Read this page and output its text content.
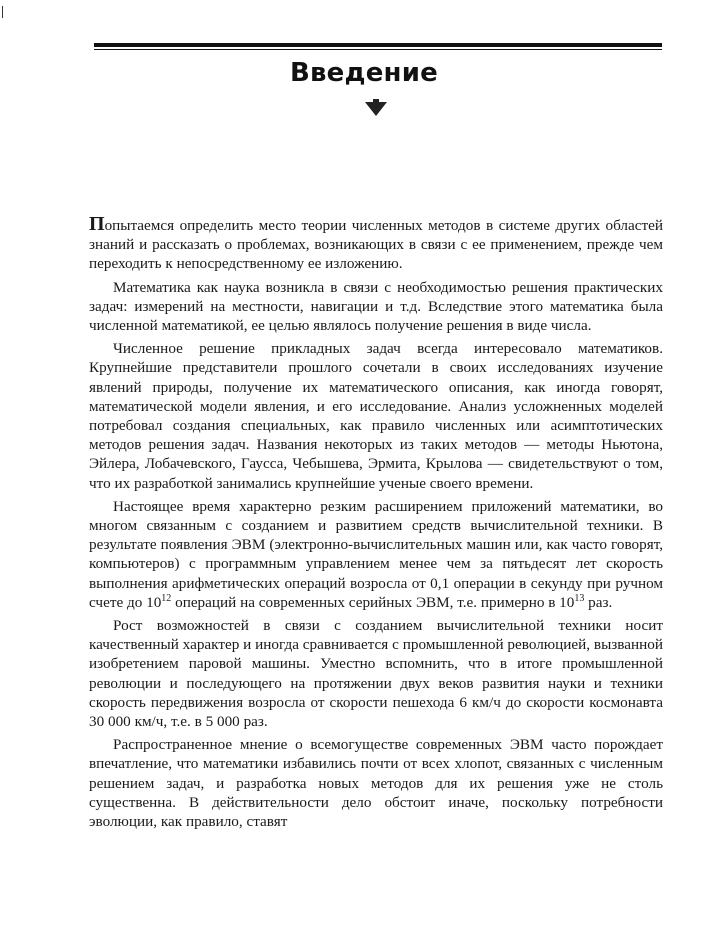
Введение

Попытаемся определить место теории численных методов в системе других областей знаний и рассказать о проблемах, возникающих в связи с ее применением, прежде чем переходить к непосредственному ее изложению.

Математика как наука возникла в связи с необходимостью решения практических задач: измерений на местности, навигации и т.д. Вследствие этого математика была численной математикой, ее целью являлось получение решения в виде числа.

Численное решение прикладных задач всегда интересовало математиков. Крупнейшие представители прошлого сочетали в своих исследованиях изучение явлений природы, получение их математического описания, как иногда говорят, математической модели явления, и его исследование. Анализ усложненных моделей потребовал создания специальных, как правило численных или асимптотических методов решения задач. Названия некоторых из таких методов — методы Ньютона, Эйлера, Лобачевского, Гаусса, Чебышева, Эрмита, Крылова — свидетельствуют о том, что их разработкой занимались крупнейшие ученые своего времени.

Настоящее время характерно резким расширением приложений математики, во многом связанным с созданием и развитием средств вычислительной техники. В результате появления ЭВМ (электронно-вычислительных машин или, как часто говорят, компьютеров) с программным управлением менее чем за пятьдесят лет скорость выполнения арифметических операций возросла от 0,1 операции в секунду при ручном счете до $10^{12}$ операций на современных серийных ЭВМ, т.е. примерно в $10^{13}$ раз.

Рост возможностей в связи с созданием вычислительной техники носит качественный характер и иногда сравнивается с промышленной революцией, вызванной изобретением паровой машины. Уместно вспомнить, что в итоге промышленной революции и последующего на протяжении двух веков развития науки и техники скорость передвижения возросла от скорости пешехода 6 км/ч до скорости космонавта 30 000 км/ч, т.е. в 5 000 раз.

Распространенное мнение о всемогуществе современных ЭВМ часто порождает впечатление, что математики избавились почти от всех хлопот, связанных с численным решением задач, и разработка новых методов для их решения уже не столь существенна. В действительности дело обстоит иначе, поскольку потребности эволюции, как правило, ставят
